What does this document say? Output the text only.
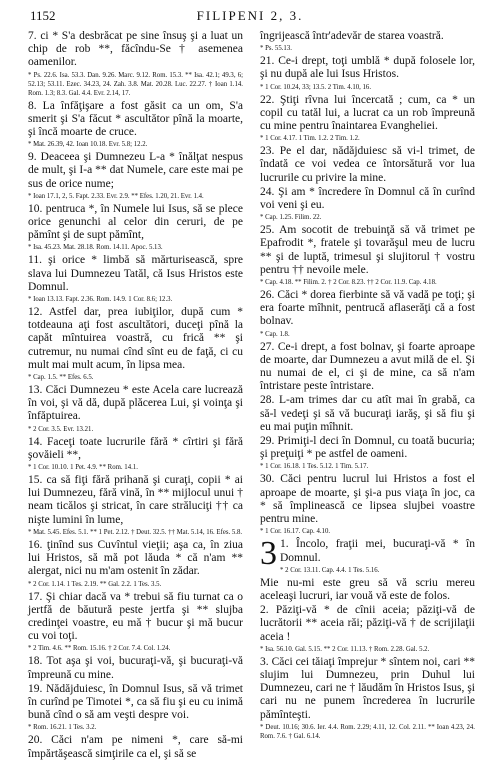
1152	FILIPENI 2, 3.
7. ci * S'a desbrăcat pe sine însuş şi a luat un chip de rob **, făcîndu-Se † asemenea oamenilor.
* Ps. 22.6. Isa. 53.3. Dan. 9.26. Marc. 9.12. Rom. 15.3. ** Isa. 42.1; 49.3, 6; 52.13; 53.11. Ezec. 34.23, 24. Zah. 3.8. Mat. 20.28. Luc. 22.27. † Ioan 1.14. Rom. 1.3; 8.3. Gal. 4.4. Evr. 2.14, 17.
8. La înfăţişare a fost găsit ca un om, S'a smerit şi S'a făcut * ascultător pînă la moarte, şi încă moarte de cruce.
* Mat. 26.39, 42. Ioan 10.18. Evr. 5.8; 12.2.
9. Deaceea şi Dumnezeu L-a * înălţat nespus de mult, şi I-a ** dat Numele, care este mai pe sus de orice nume;
* Ioan 17.1, 2, 5. Fapt. 2.33. Evr. 2.9. ** Efes. 1.20, 21. Evr. 1.4.
10. pentruca *, în Numele lui Isus, să se plece orice genunchi al celor din ceruri, de pe pămînt şi de supt pămînt,
* Isa. 45.23. Mat. 28.18. Rom. 14.11. Apoc. 5.13.
11. şi orice * limbă să mărturisească, spre slava lui Dumnezeu Tatăl, că Isus Hristos este Domnul.
* Ioan 13.13. Fapt. 2.36. Rom. 14.9. 1 Cor. 8.6; 12.3.
12. Astfel dar, prea iubiţilor, după cum * totdeauna aţi fost ascultători, duceţi pînă la capăt mîntuirea voastră, cu frică ** şi cutremur, nu numai cînd sînt eu de faţă, ci cu mult mai mult acum, în lipsa mea.
* Cap. 1.5. ** Efes. 6.5.
13. Căci Dumnezeu * este Acela care lucrează în voi, şi vă dă, după plăcerea Lui, şi voinţa şi înfăptuirea.
* 2 Cor. 3.5. Evr. 13.21.
14. Faceţi toate lucrurile fără * cîrtiri şi fără şovăieli **,
* 1 Cor. 10.10. 1 Pet. 4.9. ** Rom. 14.1.
15. ca să fiţi fără prihană şi curaţi, copii * ai lui Dumnezeu, fără vină, în ** mijlocul unui † neam ticălos şi stricat, în care străluciţi †† ca nişte lumini în lume,
* Mat. 5.45. Efes. 5.1. ** 1 Pet. 2.12. † Deut. 32.5. †† Mat. 5.14, 16. Efes. 5.8.
16. ţinînd sus Cuvîntul vieţii; aşa ca, în ziua lui Hristos, să mă pot lăuda * că n'am ** alergat, nici nu m'am ostenit în zădar.
* 2 Cor. 1.14. 1 Tes. 2.19. ** Gal. 2.2. 1 Tes. 3.5.
17. Şi chiar dacă va * trebui să fiu turnat ca o jertfă de băutură peste jertfa şi ** slujba credinţei voastre, eu mă † bucur şi mă bucur cu voi toţi.
* 2 Tim. 4.6. ** Rom. 15.16. † 2 Cor. 7.4. Col. 1.24.
18. Tot aşa şi voi, bucuraţi-vă, şi bucuraţi-vă împreună cu mine.
19. Nădăjduiesc, în Domnul Isus, să vă trimet în curînd pe Timotei *, ca să fiu şi eu cu inimă bună cînd o să am veşti despre voi.
* Rom. 16.21. 1 Tes. 3.2.
20. Căci n'am pe nimeni *, care să-mi împărtăşească simţirile ca el, şi să se
îngrijească într'adevăr de starea voastră.
* Ps. 55.13.
21. Ce-i drept, toţi umblă * după folosele lor, şi nu după ale lui Isus Hristos.
* 1 Cor. 10.24, 33; 13.5. 2 Tim. 4.10, 16.
22. Ştiţi rîvna lui încercată ; cum, ca * un copil cu tatăl lui, a lucrat ca un rob împreună cu mine pentru înaintarea Evangheliei.
* 1 Cor. 4.17. 1 Tim. 1.2. 2 Tim. 1.2.
23. Pe el dar, nădăjduiesc să vi-l trimet, de îndată ce voi vedea ce întorsătură vor lua lucrurile cu privire la mine.
24. Şi am * încredere în Domnul că în curînd voi veni şi eu.
* Cap. 1.25. Filim. 22.
25. Am socotit de trebuinţă să vă trimet pe Epafrodit *, fratele şi tovarăşul meu de lucru ** şi de luptă, trimesul şi slujitorul † vostru pentru †† nevoile mele.
* Cap. 4.18. ** Filim. 2. † 2 Cor. 8.23. †† 2 Cor. 11.9. Cap. 4.18.
26. Căci * dorea fierbinte să vă vadă pe toţi; şi era foarte mîhnit, pentrucă aflaserăţi că a fost bolnav.
* Cap. 1.8.
27. Ce-i drept, a fost bolnav, şi foarte aproape de moarte, dar Dumnezeu a avut milă de el. Şi nu numai de el, ci şi de mine, ca să n'am întristare peste întristare.
28. L-am trimes dar cu atît mai în grabă, ca să-l vedeţi şi să vă bucuraţi iarăş, şi să fiu şi eu mai puţin mîhnit.
29. Primiţi-l deci în Domnul, cu toată bucuria; şi preţuiţi * pe astfel de oameni.
* 1 Cor. 16.18. 1 Tes. 5.12. 1 Tim. 5.17.
30. Căci pentru lucrul lui Hristos a fost el aproape de moarte, şi şi-a pus viaţa în joc, ca * să împlinească ce lipsea slujbei voastre pentru mine.
* 1 Cor. 16.17. Cap. 4.10.
3 1. Încolo, fraţii mei, bucuraţi-vă * în Domnul.
* 2 Cor. 13.11. Cap. 4.4. 1 Tes. 5.16.
Mie nu-mi este greu să vă scriu mereu aceleaşi lucruri, iar vouă vă este de folos.
2. Păziţi-vă * de cînii aceia; păziţi-vă de lucrătorii ** aceia răi; păziţi-vă † de scrijilaţii aceia !
* Isa. 56.10. Gal. 5.15. ** 2 Cor. 11.13. † Rom. 2.28. Gal. 5.2.
3. Căci cei tăiaţi împrejur * sîntem noi, cari ** slujim lui Dumnezeu, prin Duhul lui Dumnezeu, cari ne † lăudăm în Hristos Isus, şi cari nu ne punem încrederea în lucrurile pămînteşti.
* Deut. 10.16; 30.6. Ier. 4.4. Rom. 2.29; 4.11, 12. Col. 2.11. ** Ioan 4.23, 24. Rom. 7.6. † Gal. 6.14.
